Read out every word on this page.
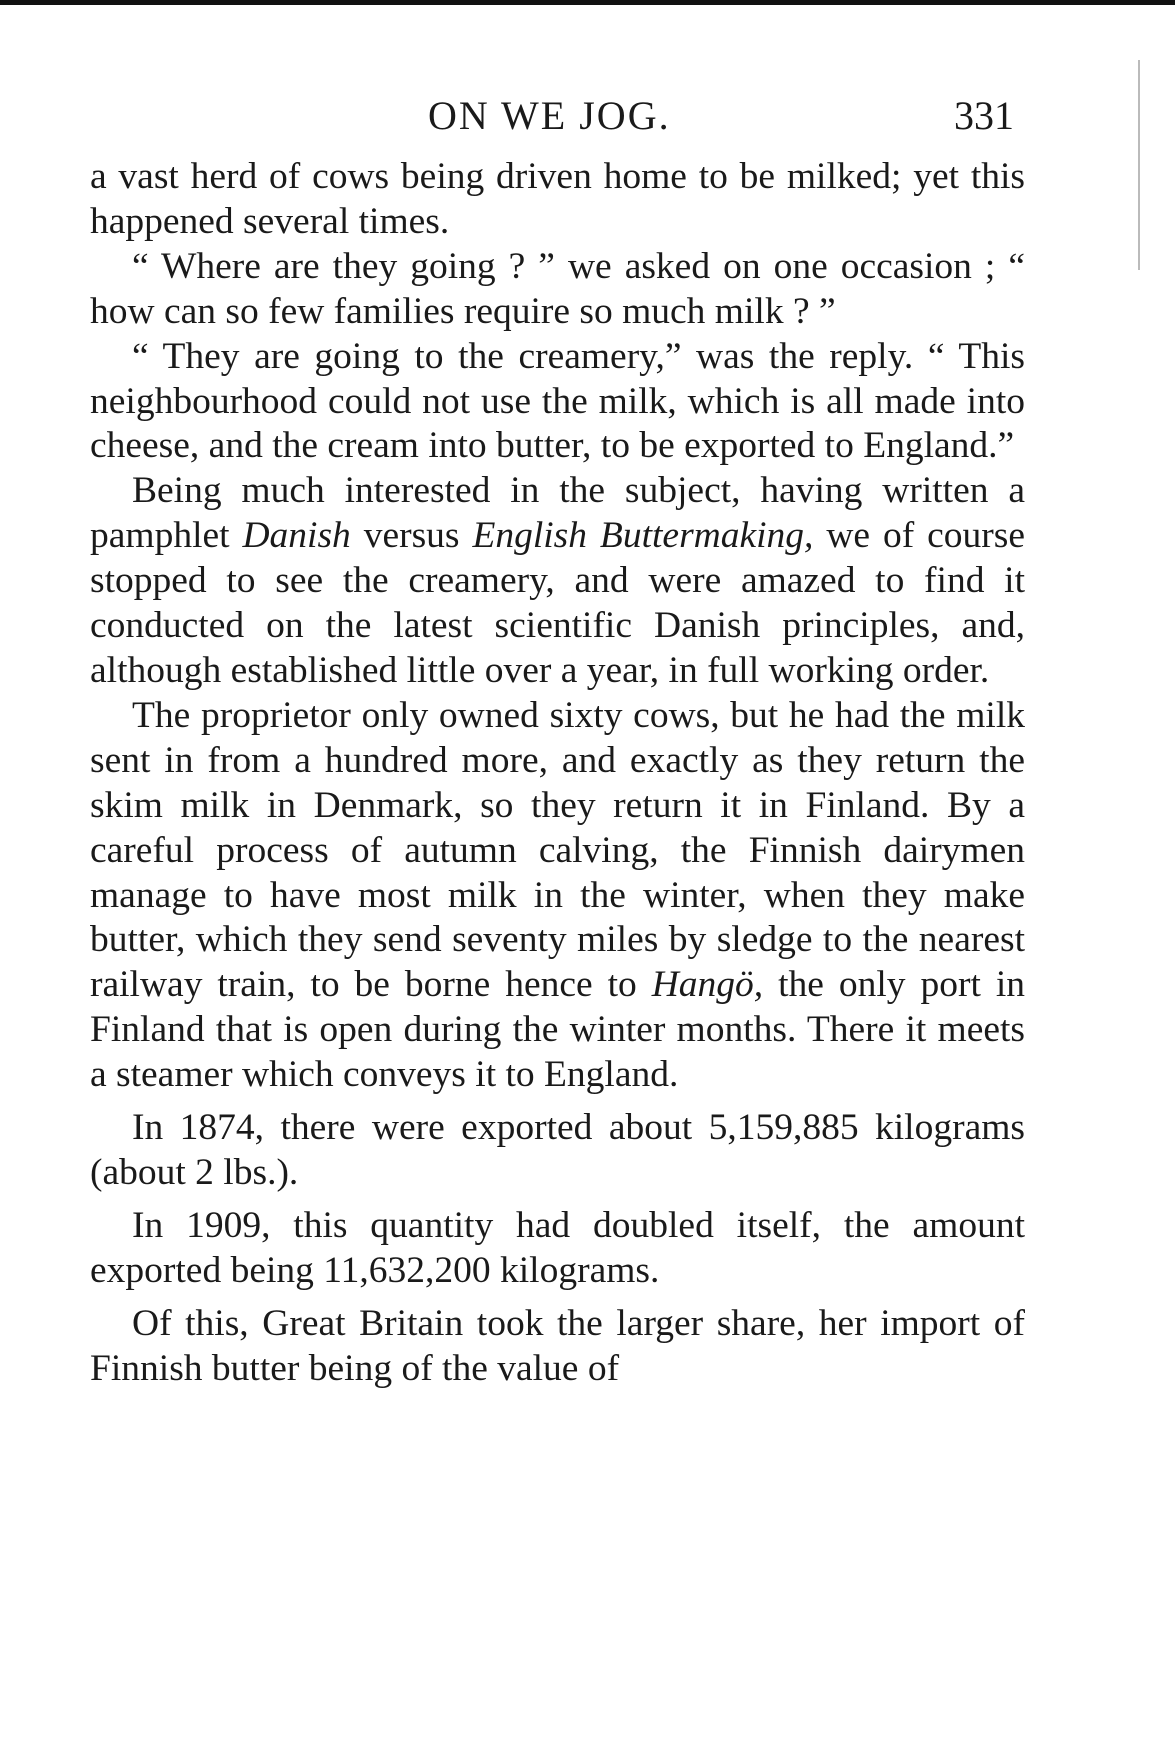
ON WE JOG.	331

a vast herd of cows being driven home to be milked; yet this happened several times.

“ Where are they going ? ” we asked on one occasion ; “ how can so few families require so much milk ? ”

“ They are going to the creamery,” was the reply. “ This neighbourhood could not use the milk, which is all made into cheese, and the cream into butter, to be exported to England.”

Being much interested in the subject, having written a pamphlet Danish versus English Buttermaking, we of course stopped to see the creamery, and were amazed to find it conducted on the latest scientific Danish principles, and, although established little over a year, in full working order.

The proprietor only owned sixty cows, but he had the milk sent in from a hundred more, and exactly as they return the skim milk in Denmark, so they return it in Finland. By a careful process of autumn calving, the Finnish dairymen manage to have most milk in the winter, when they make butter, which they send seventy miles by sledge to the nearest railway train, to be borne hence to Hangö, the only port in Finland that is open during the winter months. There it meets a steamer which conveys it to England.

In 1874, there were exported about 5,159,885 kilograms (about 2 lbs.).

In 1909, this quantity had doubled itself, the amount exported being 11,632,200 kilograms.

Of this, Great Britain took the larger share, her import of Finnish butter being of the value of
